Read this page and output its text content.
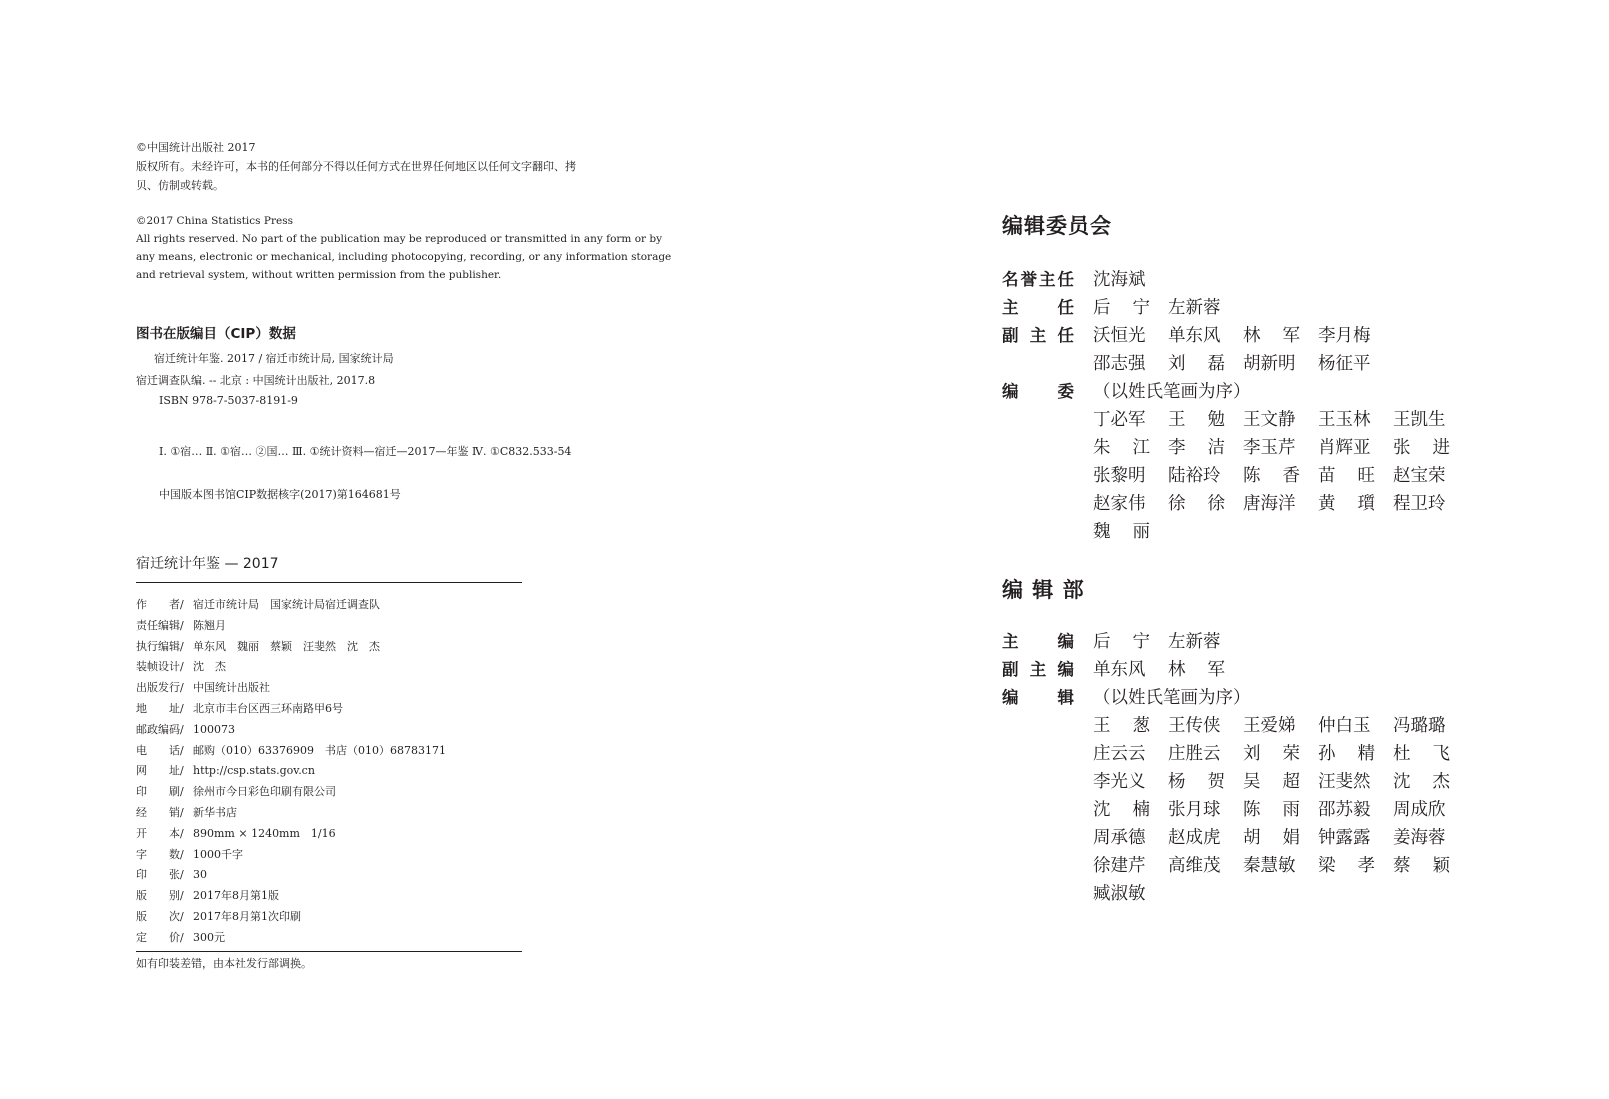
©中国统计出版社 2017
版权所有。未经许可，本书的任何部分不得以任何方式在世界任何地区以任何文字翻印、拷
贝、仿制或转载。
©2017 China Statistics Press
All rights reserved. No part of the publication may be reproduced or transmitted in any form or by
any means, electronic or mechanical, including photocopying, recording, or any information storage
and retrieval system, without written permission from the publisher.
图书在版编目（CIP）数据
宿迁统计年鉴. 2017 / 宿迁市统计局, 国家统计局
宿迁调查队编. -- 北京 : 中国统计出版社, 2017.8
ISBN 978-7-5037-8191-9
Ⅰ. ①宿… Ⅱ. ①宿… ②国… Ⅲ. ①统计资料—宿迁—2017—年鉴 Ⅳ. ①C832.533-54
中国版本图书馆CIP数据核字(2017)第164681号
宿迁统计年鉴 — 2017
作　　者/ 宿迁市统计局　国家统计局宿迁调查队
责任编辑/ 陈翘月
执行编辑/ 单东风　魏丽　蔡颖　汪斐然　沈　杰
装帧设计/ 沈　杰
出版发行/ 中国统计出版社
地　　址/ 北京市丰台区西三环南路甲6号
邮政编码/ 100073
电　　话/ 邮购（010）63376909　书店（010）68783171
网　　址/ http://csp.stats.gov.cn
印　　刷/ 徐州市今日彩色印刷有限公司
经　　销/ 新华书店
开　　本/ 890mm × 1240mm　1/16
字　　数/ 1000千字
印　　张/ 30
版　　别/ 2017年8月第1版
版　　次/ 2017年8月第1次印刷
定　　价/ 300元
如有印装差错，由本社发行部调换。
编辑委员会
名誉主任 沈海斌
主任 后　宁 左新蓉
副主任 沃恒光 单东风 林　军 李月梅
邵志强 刘　磊 胡新明 杨征平
编委 （以姓氏笔画为序）
丁必军 王　勉 王文静 王玉林 王凯生
朱　江 李　洁 李玉芹 肖辉亚 张　进
张黎明 陆裕玲 陈　香 苗　旺 赵宝荣
赵家伟 徐　徐 唐海洋 黄　瓆 程卫玲
魏　丽
编 辑 部
主编 后　宁 左新蓉
副主编 单东风 林　军
编辑 （以姓氏笔画为序）
王　葱 王传侠 王爱娣 仲白玉 冯璐璐
庄云云 庄胜云 刘　荣 孙　精 杜　飞
李光义 杨　贺 吴　超 汪斐然 沈　杰
沈　楠 张月球 陈　雨 邵苏毅 周成欣
周承德 赵成虎 胡　娟 钟露露 姜海蓉
徐建芹 高维茂 秦慧敏 梁　孝 蔡　颖
臧淑敏
